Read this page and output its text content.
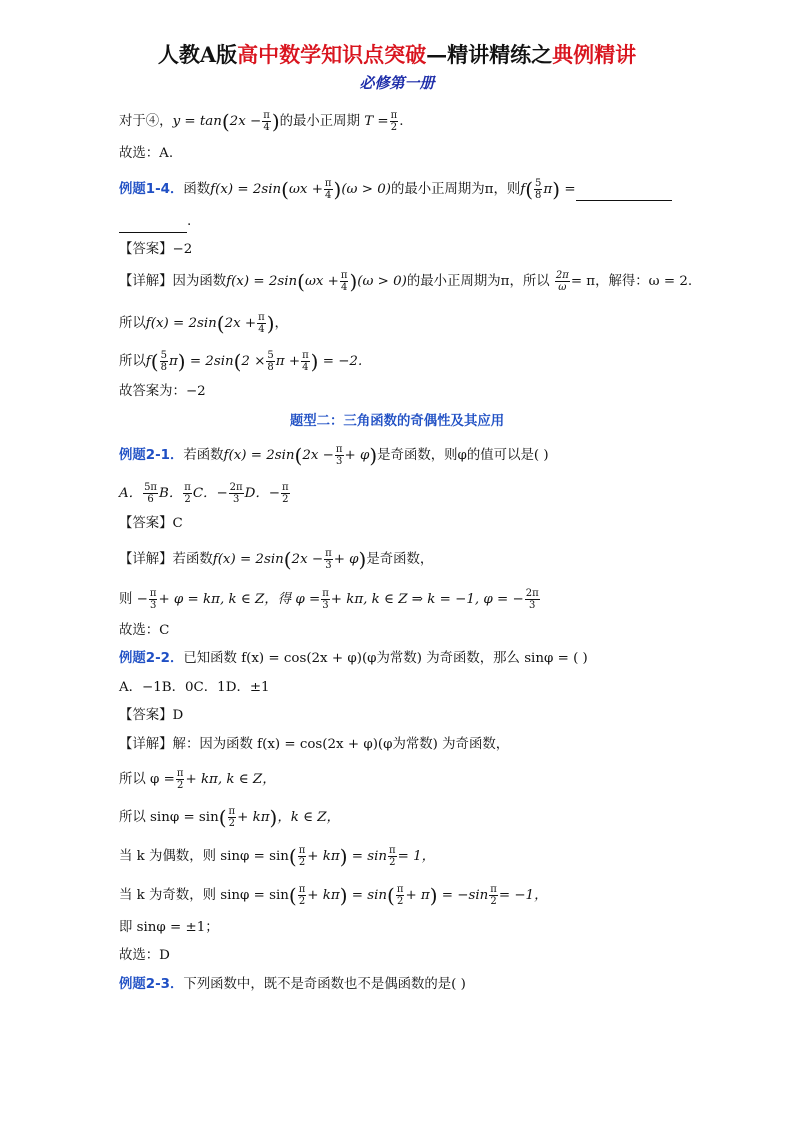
人教A版高中数学知识点突破—精讲精练之典例精讲
必修第一册
对于④，$y = \tan(2x - \frac{\pi}{4}$ )的最小正周期 $T = \frac{\pi}{2}$ .
故选：A.
例题1-4．函数$f(x) = 2\sin(\omega x + \frac{\pi}{4} )(\omega > 0)$的最小正周期为π，则$f( \frac{5}{8} \pi)$ =
.
【答案】−2
【详解】因为函数$f(x) = 2\sin(\omega x + \frac{\pi}{4} )(\omega > 0)$的最小正周期为π，所以 $\frac{2\pi}{\omega} = \pi$，解得：ω = 2.
所以$f(x) = 2\sin(2x + \frac{\pi}{4}$ )，
所以$f( \frac{5}{8} \pi) = 2\sin(2 \times \frac{5}{8}$ $\pi + \frac{\pi}{4}$ ) = −2.
故答案为：−2
题型二：三角函数的奇偶性及其应用
例题2-1．若函数$f(x) = 2\sin(2x - \frac{\pi}{3} + \varphi)$是奇函数，则φ的值可以是( )
A． $\frac{5\pi}{6}$ B． $\frac{\pi}{2}$ C．− $\frac{2\pi}{3}$ D．− $\frac{\pi}{2}$
【答案】C
【详解】若函数$f(x) = 2\sin(2x - \frac{\pi}{3} + \varphi)$是奇函数，
则 − $\frac{\pi}{3} + \varphi = k\pi$, k ∈ Z，得 $\varphi = \frac{\pi}{3} + k\pi$, k ∈ Z ⇒ k = −1, φ = − $\frac{2\pi}{3}$
故选：C
例题2-2．已知函数 f(x) = cos(2x + φ)(φ为常数) 为奇函数，那么 sinφ = ( )
A．−1B．0C．1D．±1
【答案】D
【详解】解：因为函数 f(x) = cos(2x + φ)(φ为常数) 为奇函数，
所以 $\varphi = \frac{\pi}{2} + k\pi$, k ∈ Z，
所以 $\sin\varphi = \sin( \frac{\pi}{2} + k\pi)$，k ∈ Z，
当 k 为偶数，则 $\sin\varphi = \sin( \frac{\pi}{2} + k\pi) = \sin \frac{\pi}{2} = 1$，
当 k 为奇数，则 $\sin\varphi = \sin( \frac{\pi}{2} + k\pi) = \sin( \frac{\pi}{2} + \pi) = -\sin \frac{\pi}{2} = -1$，
即 sinφ = ±1；
故选：D
例题2-3．下列函数中，既不是奇函数也不是偶函数的是( )
